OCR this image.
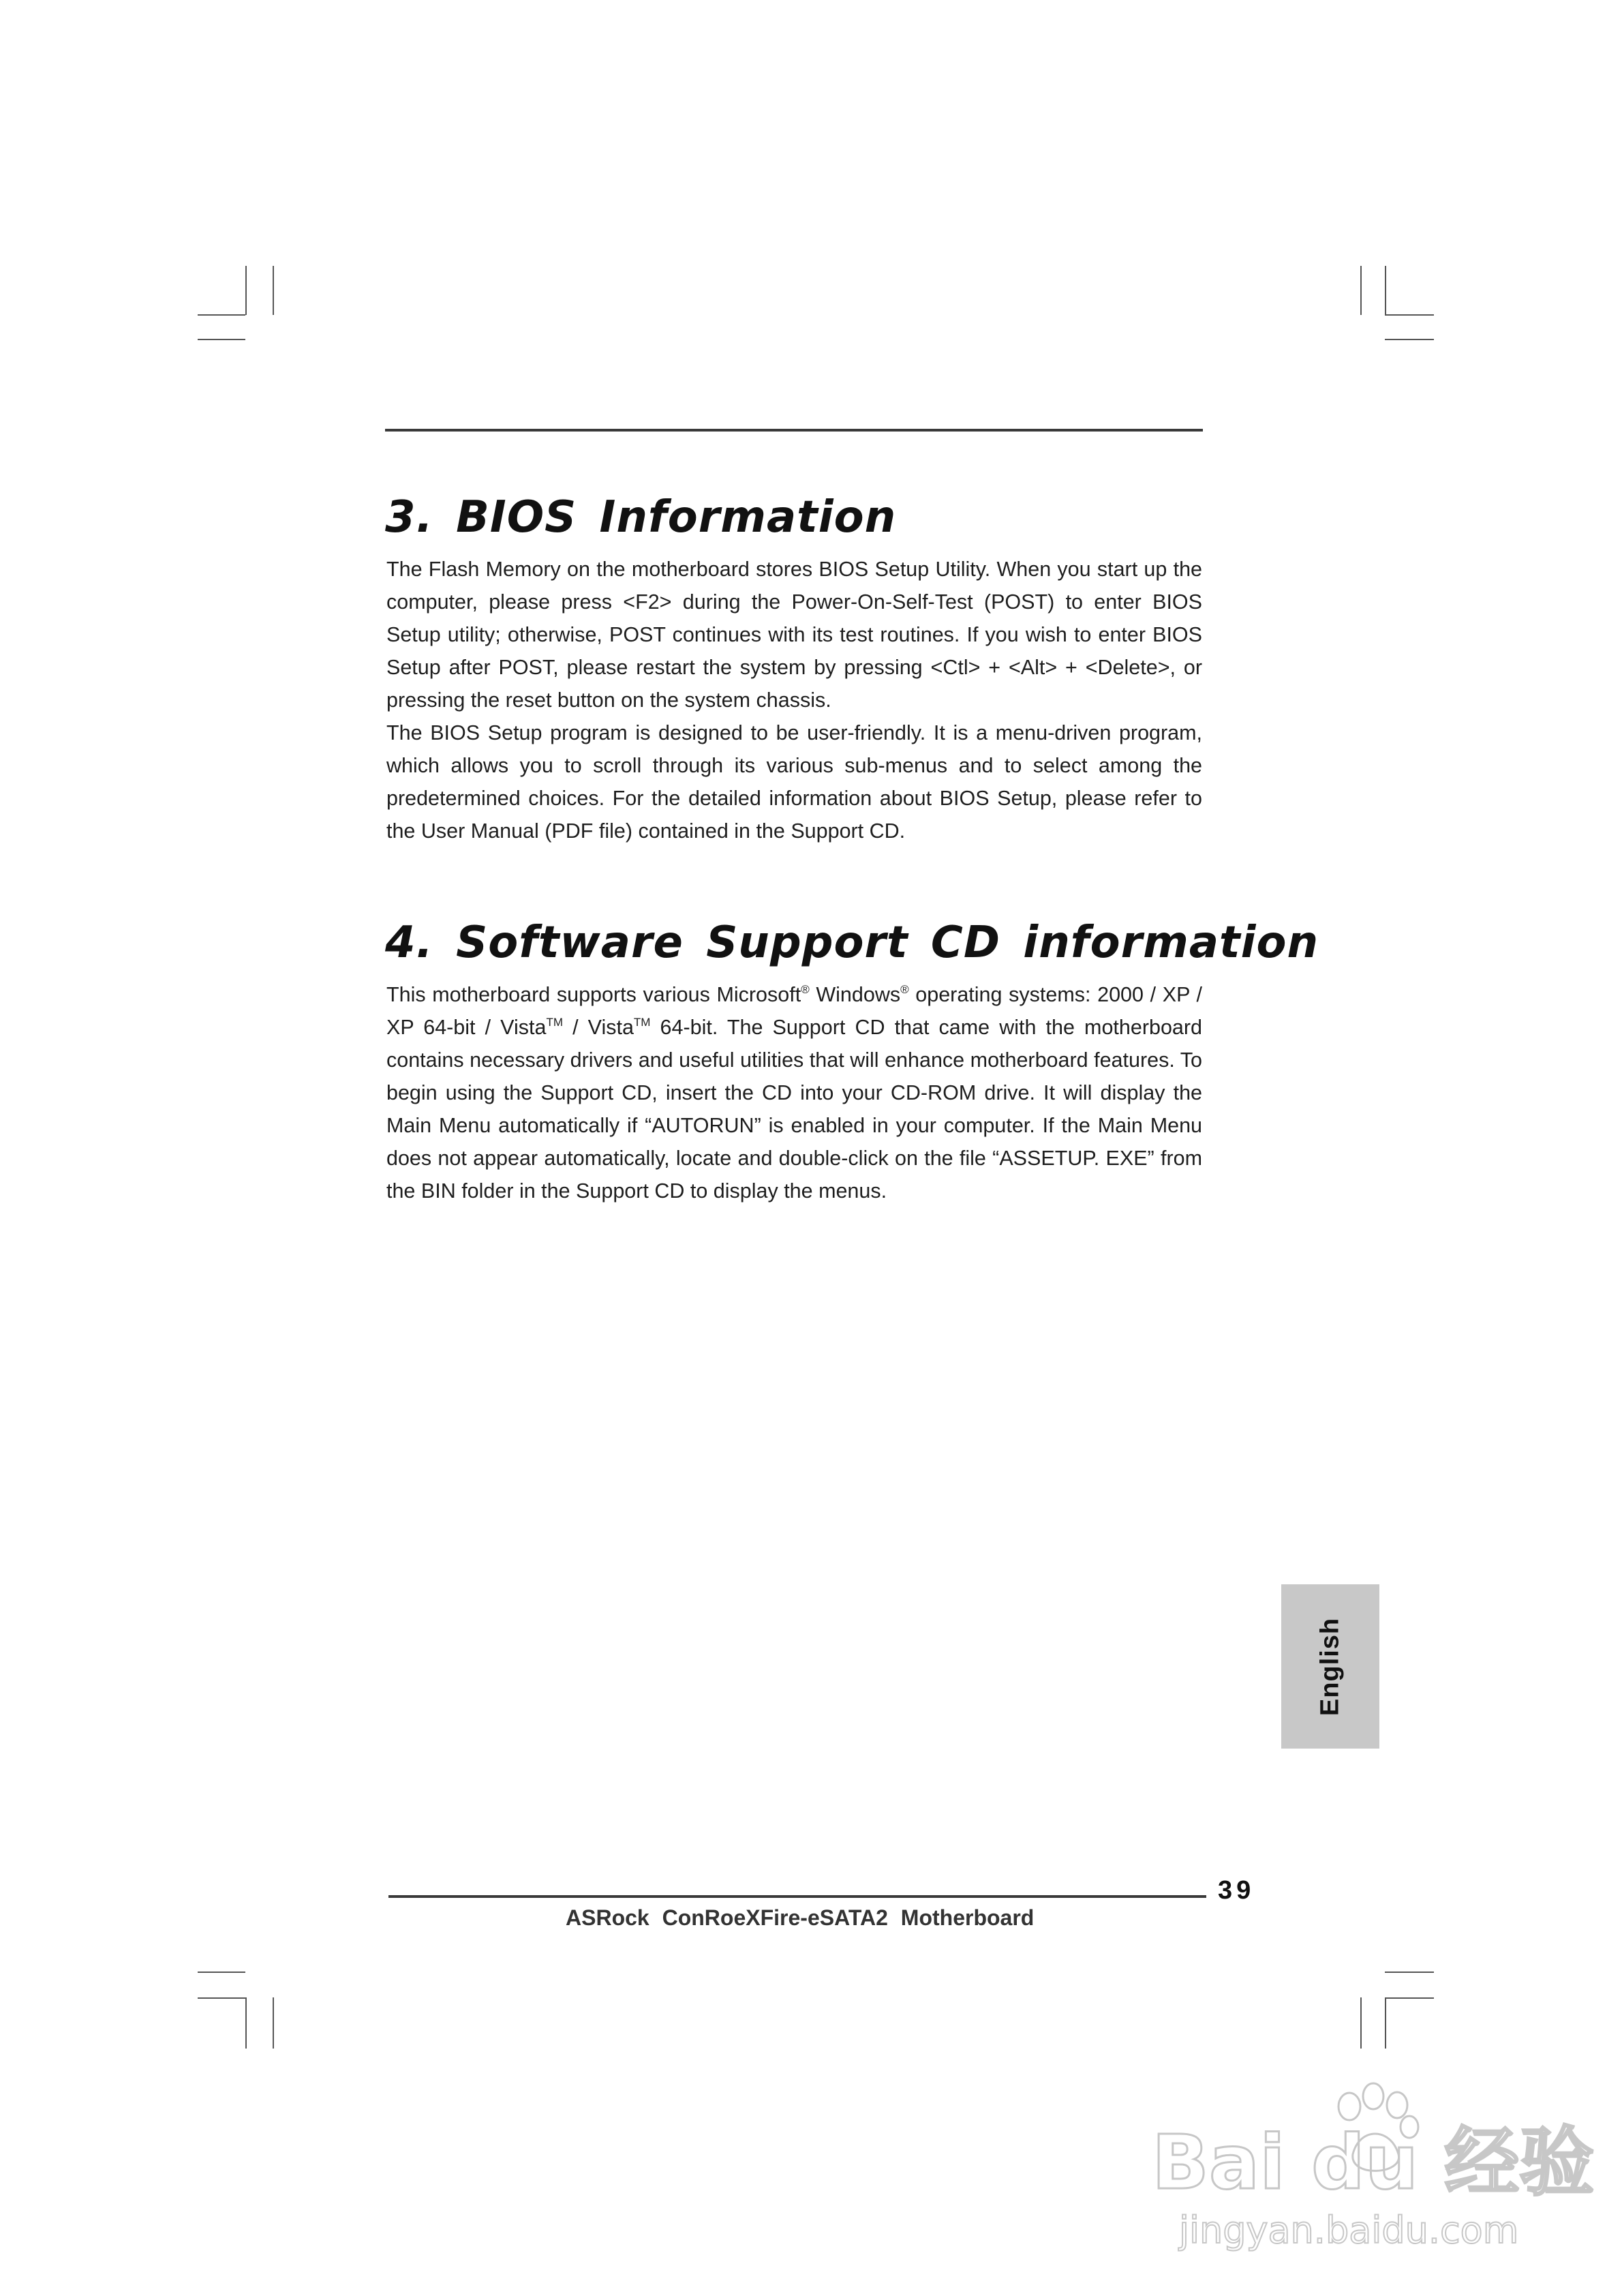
3. BIOS Information

The Flash Memory on the motherboard stores BIOS Setup Utility. When you start up the computer, please press <F2> during the Power-On-Self-Test (POST) to enter BIOS Setup utility; otherwise, POST continues with its test routines. If you wish to enter BIOS Setup after POST, please restart the system by pressing <Ctl> + <Alt> + <Delete>, or pressing the reset button on the system chassis.

The BIOS Setup program is designed to be user-friendly. It is a menu-driven program, which allows you to scroll through its various sub-menus and to select among the predetermined choices. For the detailed information about BIOS Setup, please refer to the User Manual (PDF file) contained in the Support CD.

4. Software Support CD information

This motherboard supports various Microsoft® Windows® operating systems: 2000 / XP / XP 64-bit / Vista™ / Vista™ 64-bit. The Support CD that came with the motherboard contains necessary drivers and useful utilities that will enhance motherboard features. To begin using the Support CD, insert the CD into your CD-ROM drive. It will display the Main Menu automatically if “AUTORUN” is enabled in your computer. If the Main Menu does not appear automatically, locate and double-click on the file “ASSETUP. EXE” from the BIN folder in the Support CD to display the menus.

English
39
ASRock ConRoeXFire-eSATA2 Motherboard
Bai du 经验
jingyan.baidu.com
